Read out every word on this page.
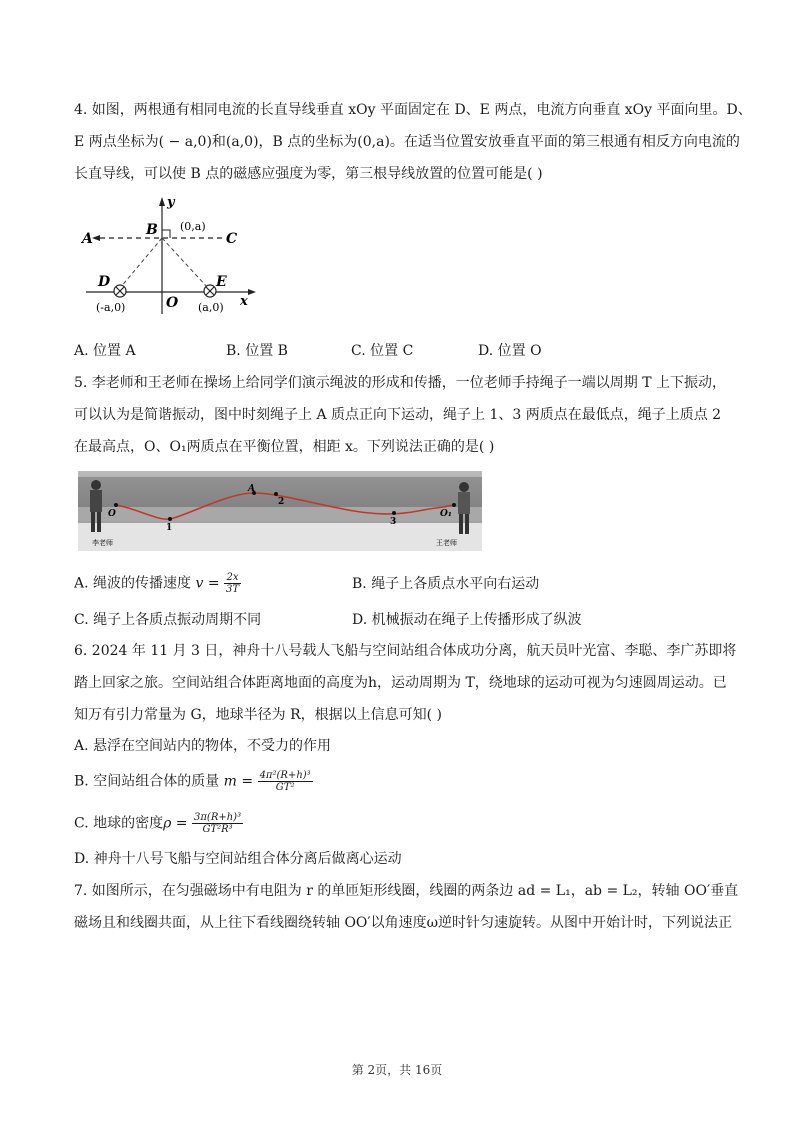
4. 如图，两根通有相同电流的长直导线垂直 xOy 平面固定在 D、E 两点，电流方向垂直 xOy 平面向里。D、
E 两点坐标为( − a,0)和(a,0)，B 点的坐标为(0,a)。在适当位置安放垂直平面的第三根通有相反方向电流的
长直导线，可以使 B 点的磁感应强度为零，第三根导线放置的位置可能是( )
y
x
B (0,a)
A	C
D	E
O
(-a,0)	(a,0)
A. 位置 A	B. 位置 B	C. 位置 C	D. 位置 O
5. 李老师和王老师在操场上给同学们演示绳波的形成和传播，一位老师手持绳子一端以周期 T 上下振动，
可以认为是简谐振动，图中时刻绳子上 A 质点正向下运动，绳子上 1、3 两质点在最低点，绳子上质点 2
在最高点，O、O₁两质点在平衡位置，相距 x。下列说法正确的是( )
O
1
A
2
3
O₁
李老师	王老师
A. 绳波的传播速度 $v = \frac{2x}{3T}$	B. 绳子上各质点水平向右运动
C. 绳子上各质点振动周期不同	D. 机械振动在绳子上传播形成了纵波
6. 2024 年 11 月 3 日，神舟十八号载人飞船与空间站组合体成功分离，航天员叶光富、李聪、李广苏即将
踏上回家之旅。空间站组合体距离地面的高度为h，运动周期为 T，绕地球的运动可视为匀速圆周运动。已
知万有引力常量为 G，地球半径为 R，根据以上信息可知( )
A. 悬浮在空间站内的物体，不受力的作用
B. 空间站组合体的质量 $m = \frac{\text{4π²(R+h)³}}{\text{GT²}}$
C. 地球的密度$\rho = \frac{\text{3π(R+h)³}}{\text{GT²R³}}$
D. 神舟十八号飞船与空间站组合体分离后做离心运动
7. 如图所示，在匀强磁场中有电阻为 r 的单匝矩形线圈，线圈的两条边 ad = L₁，ab = L₂，转轴 OO′垂直
磁场且和线圈共面，从上往下看线圈绕转轴 OO′以角速度ω逆时针匀速旋转。从图中开始计时，下列说法正
第 2页，共 16页
